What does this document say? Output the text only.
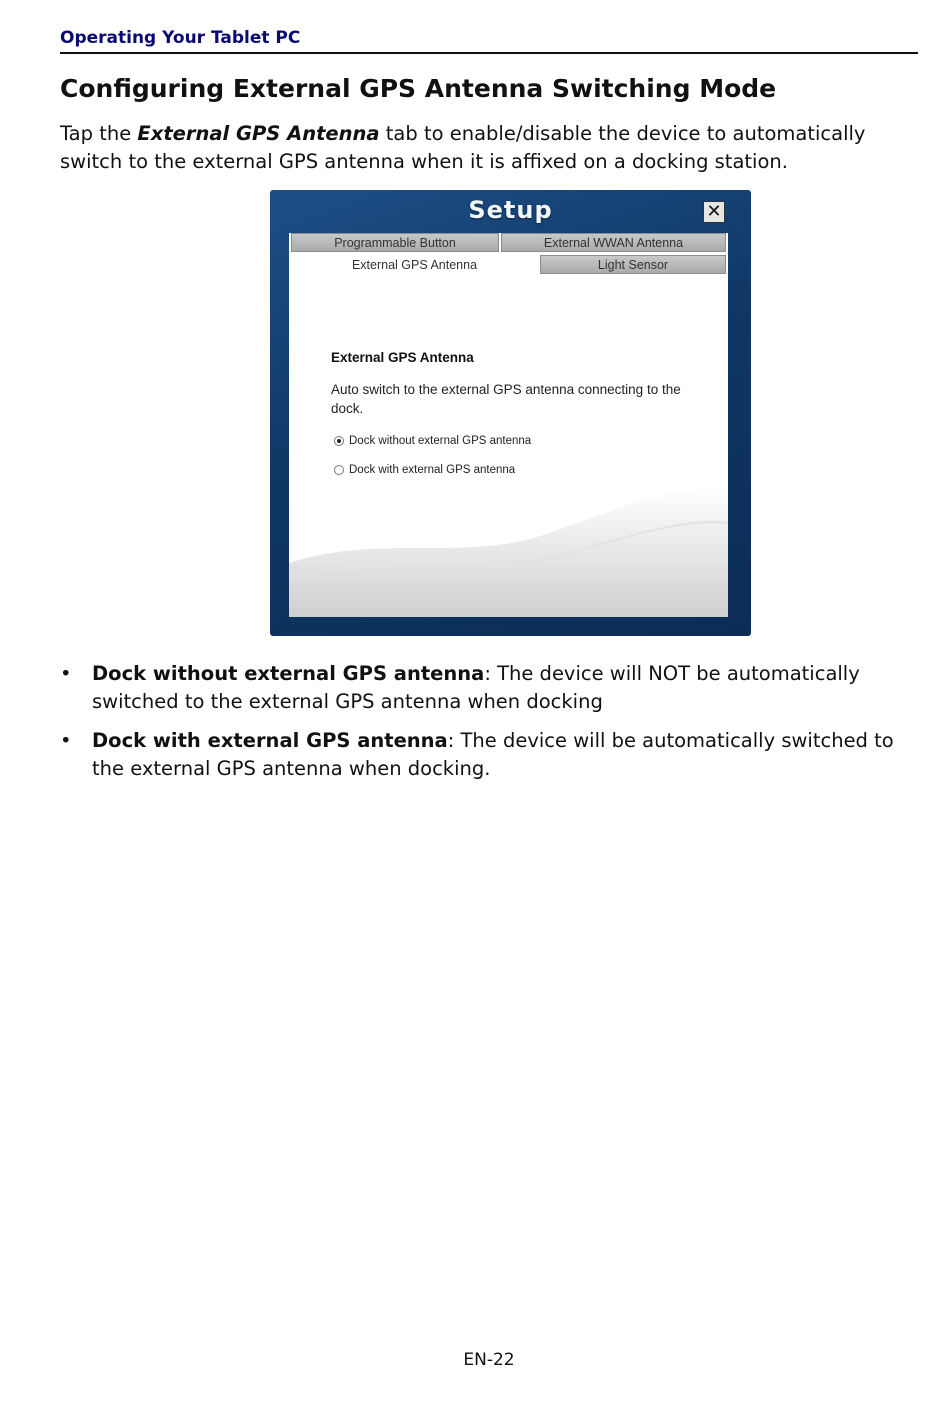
Operating Your Tablet PC
Configuring External GPS Antenna Switching Mode

Tap the External GPS Antenna tab to enable/disable the device to automatically switch to the external GPS antenna when it is affixed on a docking station.

Setup	✕
Programmable Button	External WWAN Antenna
External GPS Antenna	Light Sensor
External GPS Antenna

Auto switch to the external GPS antenna connecting to the dock.

Dock without external GPS antenna
Dock with external GPS antenna
• Dock without external GPS antenna: The device will NOT be automatically switched to the external GPS antenna when docking
• Dock with external GPS antenna: The device will be automatically switched to the external GPS antenna when docking.
EN-22
